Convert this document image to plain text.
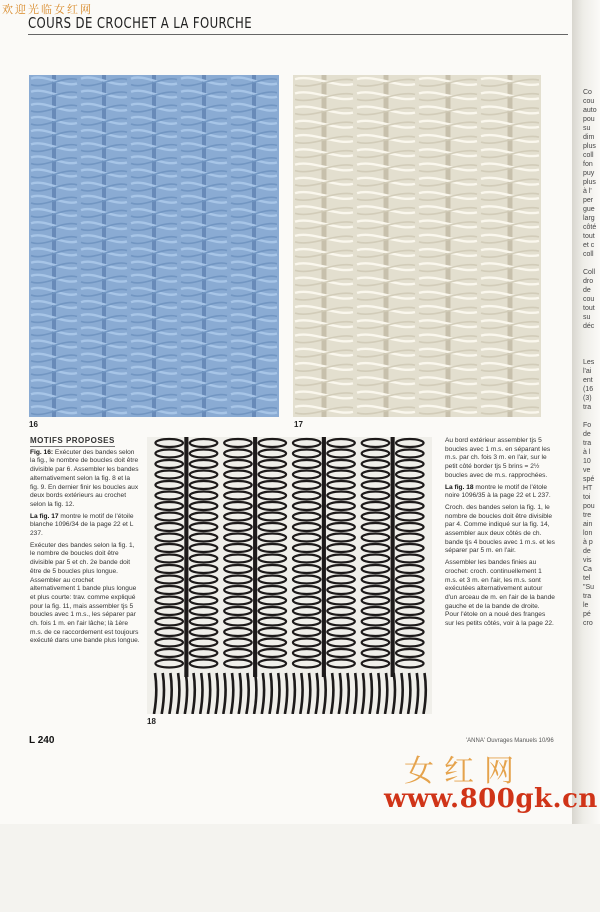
Co
cou
auto
pou
su
dim
plus
coll
fon
puy
plus
à l'
per
gue
larg
côté
tout
et c
coll

Coll
dro
de
cou
tout
su
déc

Les
l'ai
ent
(16
(3)
tra

Fo
de
tra
à l
10
ve
spé
HT
toi
pou
tre
ain
lon
à p
de
vis
Ca
tel
"Su
tra
le
pé
cro
欢迎光临女红网
COURS DE CROCHET A LA FOURCHE
16	17
18
MOTIFS PROPOSES

Fig. 16: Exécuter des bandes selon la fig., le nombre de boucles doit être divisible par 6. Assembler les bandes alternativement selon la fig. 8 et la fig. 9. En dernier finir les boucles aux deux bords extérieurs au crochet selon la fig. 12.

La fig. 17 montre le motif de l'étoile blanche 1096/34 de la page 22 et L 237.

Exécuter des bandes selon la fig. 1, le nombre de boucles doit être divisible par 5 et ch. 2e bande doit être de 5 boucles plus longue. Assembler au crochet alternativement 1 bande plus longue et plus courte: trav. comme expliqué pour la fig. 11, mais assembler tjs 5 boucles avec 1 m.s., les séparer par ch. fois 1 m. en l'air lâche; là 1ère m.s. de ce raccordement est toujours exécuté dans une bande plus longue.

Au bord extérieur assembler tjs 5 boucles avec 1 m.s. en séparant les m.s. par ch. fois 3 m. en l'air, sur le petit côté border tjs 5 brins = 2½ boucles avec de m.s. rapprochées.

La fig. 18 montre le motif de l'étole noire 1096/35 à la page 22 et L 237.

Croch. des bandes selon la fig. 1, le nombre de boucles doit être divisible par 4. Comme indiqué sur la fig. 14, assembler aux deux côtés de ch. bande tjs 4 boucles avec 1 m.s. et les séparer par 5 m. en l'air.

Assembler les bandes finies au crochet: croch. continuellement 1 m.s. et 3 m. en l'air, les m.s. sont exécutées alternativement autour d'un arceau de m. en l'air de la bande gauche et de la bande de droite. Pour l'étole on a noué des franges sur les petits côtés, voir à la page 22.

L 240	'ANNA' Ouvrages Manuels 10/96
女红网
www.800gk.cn
